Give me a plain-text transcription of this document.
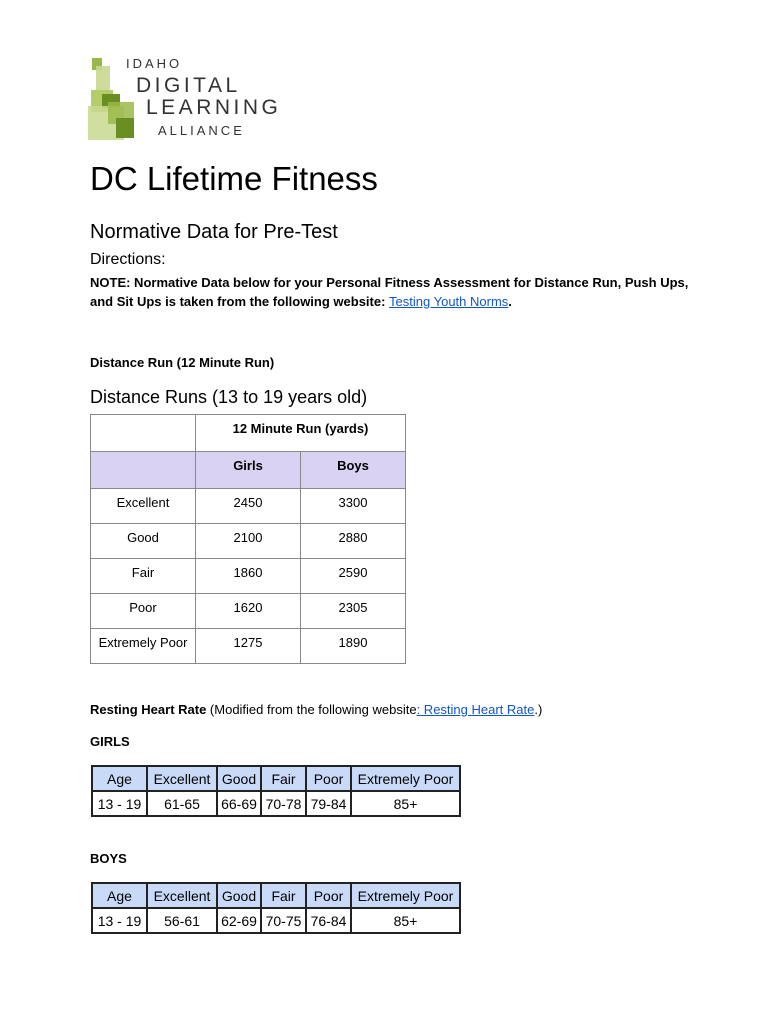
IDAHO
DIGITAL
LEARNING
ALLIANCE
DC Lifetime Fitness
Normative Data for Pre-Test
Directions:
NOTE: Normative Data below for your Personal Fitness Assessment for Distance Run, Push Ups, and Sit Ups is taken from the following website: Testing Youth Norms.
Distance Run (12 Minute Run)
Distance Runs (13 to 19 years old)
	12 Minute Run (yards)	
	Girls	Boys
Excellent	2450	3300
Good	2100	2880
Fair	1860	2590
Poor	1620	2305
Extremely Poor	1275	1890
Resting Heart Rate (Modified from the following website: Resting Heart Rate.)
GIRLS
Age	Excellent	Good	Fair	Poor	Extremely Poor
13 - 19	61-65	66-69	70-78	79-84	85+
BOYS
Age	Excellent	Good	Fair	Poor	Extremely Poor
13 - 19	56-61	62-69	70-75	76-84	85+
